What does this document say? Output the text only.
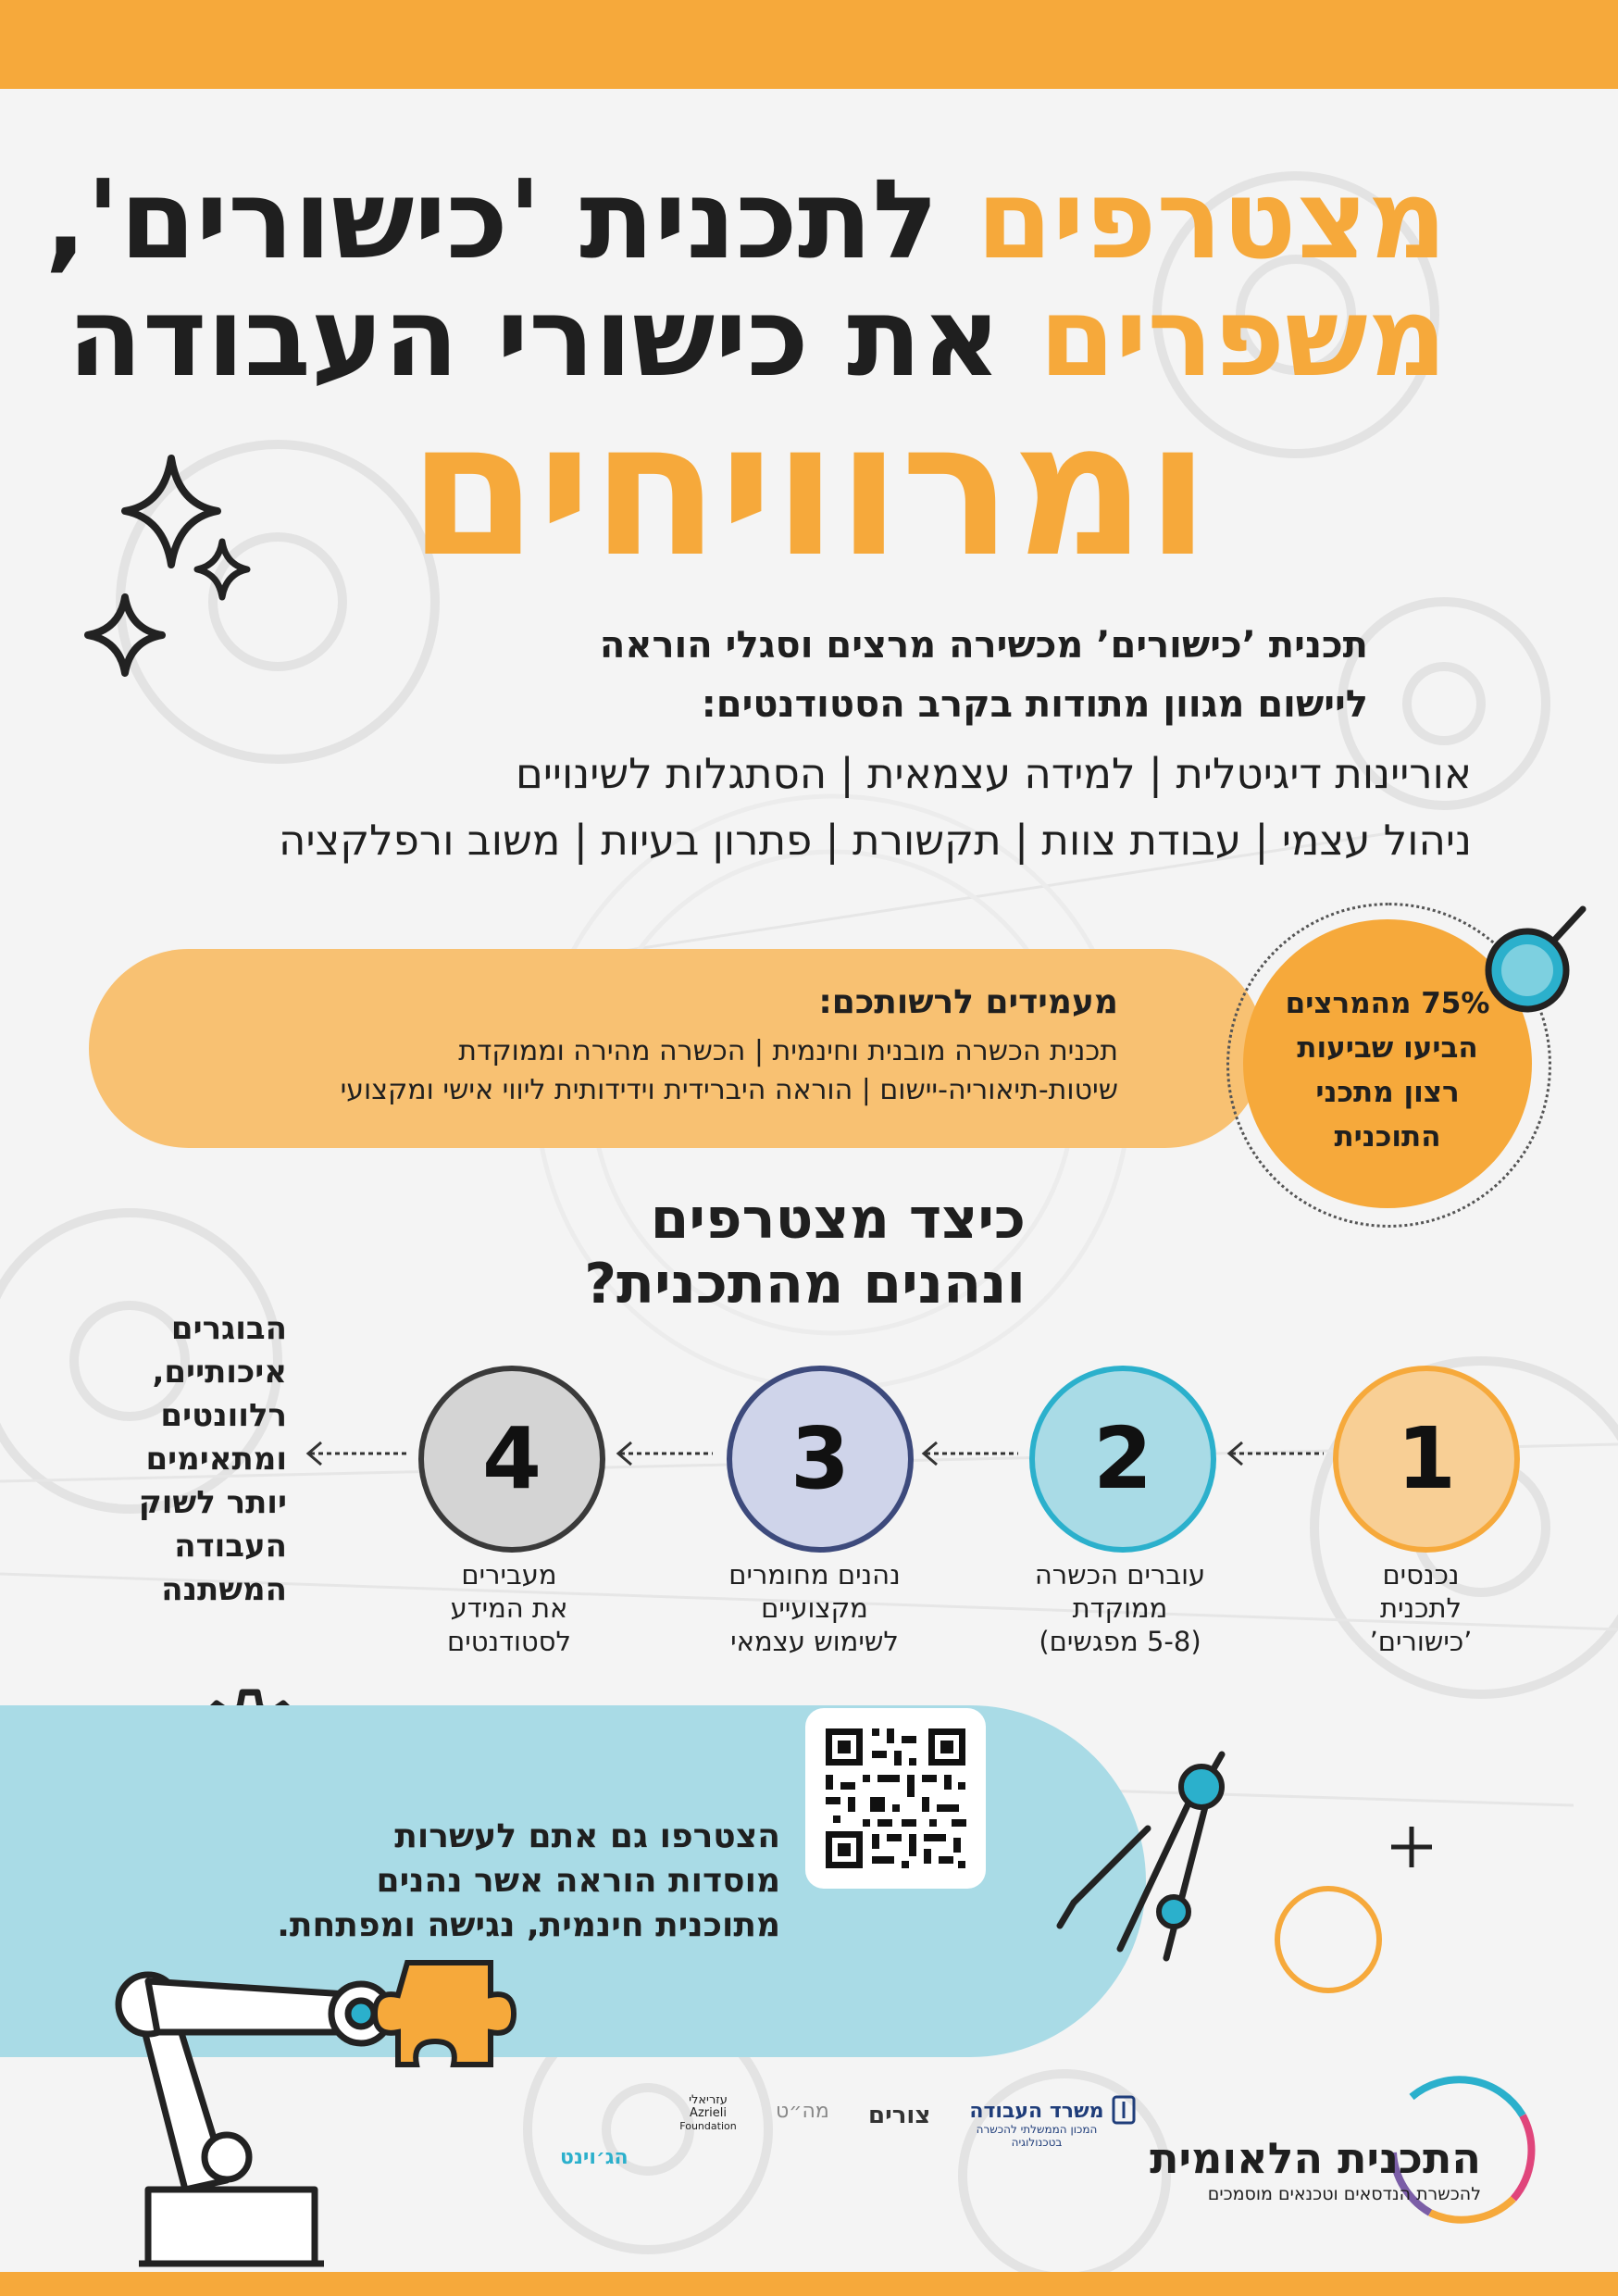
מצטרפים לתכנית 'כישורים',
משפרים את כישורי העבודה
ומרוויחים
תכנית ’כישורים’ מכשירה מרצים וסגלי הוראה
ליישום מגוון מתודות בקרב הסטודנטים:
אוריינות דיגיטלית | למידה עצמאית | הסתגלות לשינויים
ניהול עצמי | עבודת צוות | תקשורת | פתרון בעיות | משוב ורפלקציה
מעמידים לרשותכם:
תכנית הכשרה מובנית וחינמית | הכשרה מהירה וממוקדת
שיטות-תיאוריה-יישום | הוראה היברידית וידידותית ליווי אישי ומקצועי
75% מהמרצים
הביעו שביעות
רצון מתכני
התוכנית
כיצד מצטרפים
ונהנים מהתכנית?
1
2
3
4
נכנסים
לתכנית
’כישורים’
עוברים הכשרה
ממוקדת
(5-8 מפגשים)
נהנים מחומרים
מקצועיים
לשימוש עצמאי
מעבירים
את המידע
לסטודנטים
הבוגרים
איכותיים,
רלוונטים
ומתאימים
יותר לשוק
העבודה
המשתנה
הצטרפו גם אתם לעשרות
מוסדות הוראה אשר נהנים
מתוכנית חינמית, נגישה ומפתחת.
התכנית הלאומית
להכשרת הנדסאים וטכנאים מוסמכים
משרד העבודה
המכון הממשלתי להכשרה בטכנולוגיה
צורים
מה״ט
עזריאלי
Azrieli
Foundation
הג׳וינט
